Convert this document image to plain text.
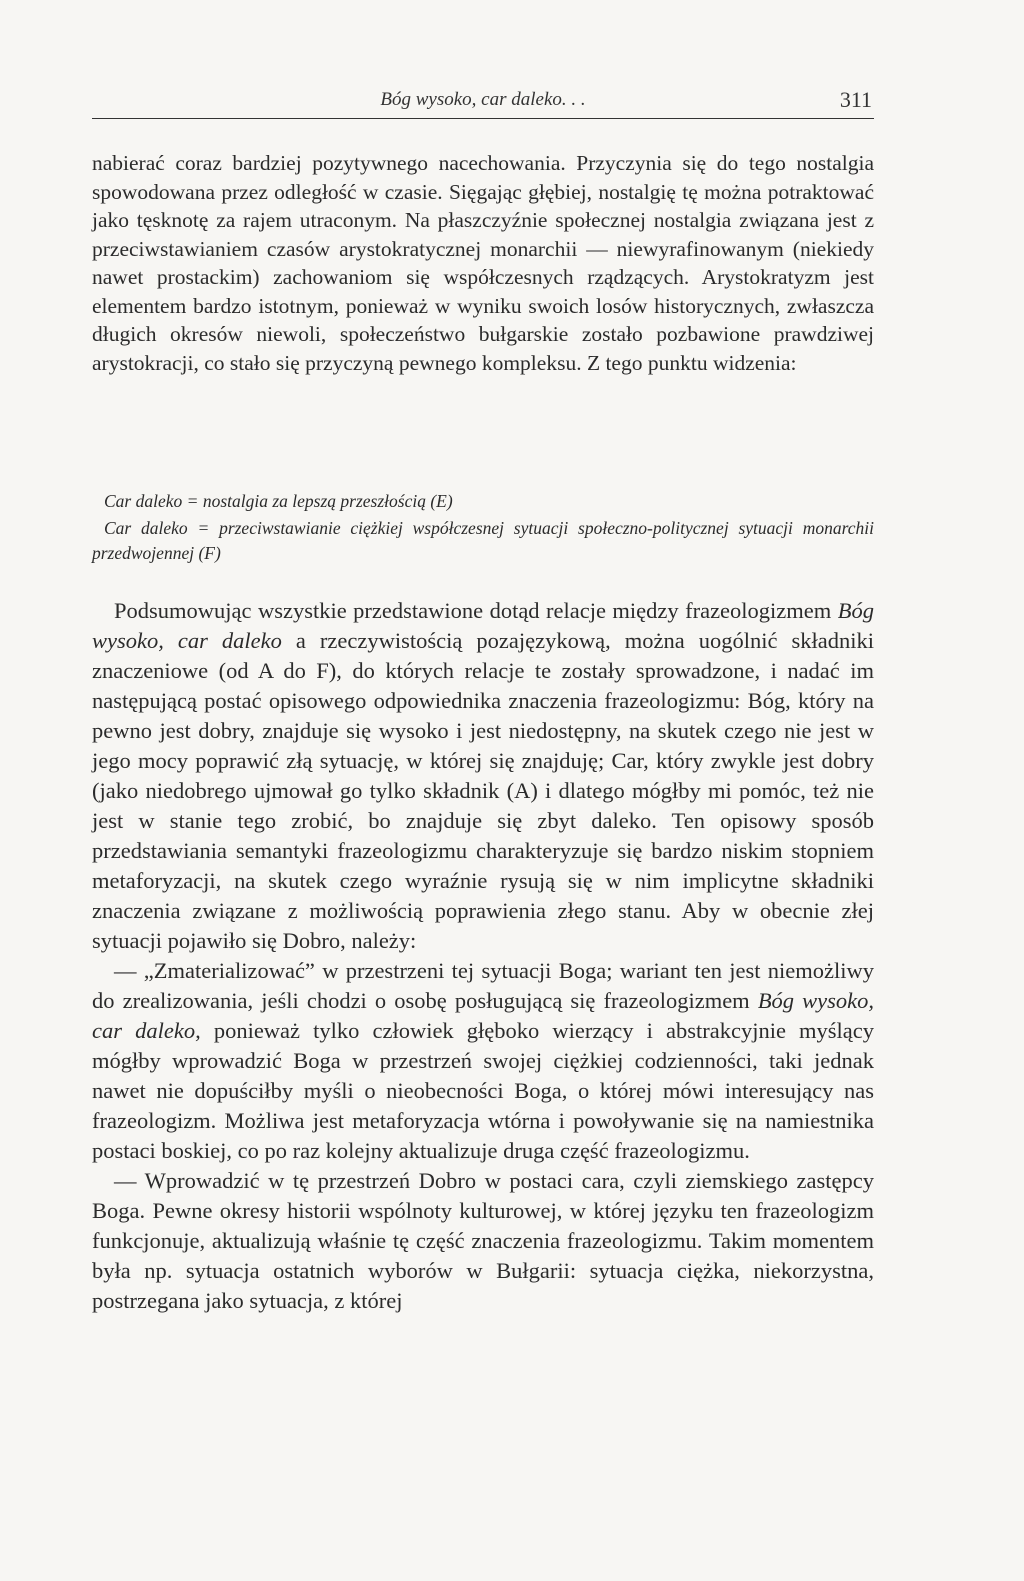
Bóg wysoko, car daleko. . .	311

nabierać coraz bardziej pozytywnego nacechowania. Przyczynia się do tego nostalgia spowodowana przez odległość w czasie. Sięgając głębiej, nostalgię tę można potraktować jako tęsknotę za rajem utraconym. Na płaszczyźnie społecznej nostalgia związana jest z przeciwstawianiem czasów arystokratycznej monarchii — niewyrafinowanym (niekiedy nawet prostackim) zachowaniom się współczesnych rządzących. Arystokratyzm jest elementem bardzo istotnym, ponieważ w wyniku swoich losów historycznych, zwłaszcza długich okresów niewoli, społeczeństwo bułgarskie zostało pozbawione prawdziwej arystokracji, co stało się przyczyną pewnego kompleksu. Z tego punktu widzenia:

Car daleko = nostalgia za lepszą przeszłością (E)
Car daleko = przeciwstawianie ciężkiej współczesnej sytuacji społeczno-politycznej sytuacji monarchii przedwojennej (F)

Podsumowując wszystkie przedstawione dotąd relacje między frazeologizmem Bóg wysoko, car daleko a rzeczywistością pozajęzykową, można uogólnić składniki znaczeniowe (od A do F), do których relacje te zostały sprowadzone, i nadać im następującą postać opisowego odpowiednika znaczenia frazeologizmu: Bóg, który na pewno jest dobry, znajduje się wysoko i jest niedostępny, na skutek czego nie jest w jego mocy poprawić złą sytuację, w której się znajduję; Car, który zwykle jest dobry (jako niedobrego ujmował go tylko składnik (A) i dlatego mógłby mi pomóc, też nie jest w stanie tego zrobić, bo znajduje się zbyt daleko. Ten opisowy sposób przedstawiania semantyki frazeologizmu charakteryzuje się bardzo niskim stopniem metaforyzacji, na skutek czego wyraźnie rysują się w nim implicytne składniki znaczenia związane z możliwością poprawienia złego stanu. Aby w obecnie złej sytuacji pojawiło się Dobro, należy:

— „Zmaterializować” w przestrzeni tej sytuacji Boga; wariant ten jest niemożliwy do zrealizowania, jeśli chodzi o osobę posługującą się frazeologizmem Bóg wysoko, car daleko, ponieważ tylko człowiek głęboko wierzący i abstrakcyjnie myślący mógłby wprowadzić Boga w przestrzeń swojej ciężkiej codzienności, taki jednak nawet nie dopuściłby myśli o nieobecności Boga, o której mówi interesujący nas frazeologizm. Możliwa jest metaforyzacja wtórna i powoływanie się na namiestnika postaci boskiej, co po raz kolejny aktualizuje druga część frazeologizmu.

— Wprowadzić w tę przestrzeń Dobro w postaci cara, czyli ziemskiego zastępcy Boga. Pewne okresy historii wspólnoty kulturowej, w której języku ten frazeologizm funkcjonuje, aktualizują właśnie tę część znaczenia frazeologizmu. Takim momentem była np. sytuacja ostatnich wyborów w Bułgarii: sytuacja ciężka, niekorzystna, postrzegana jako sytuacja, z której
